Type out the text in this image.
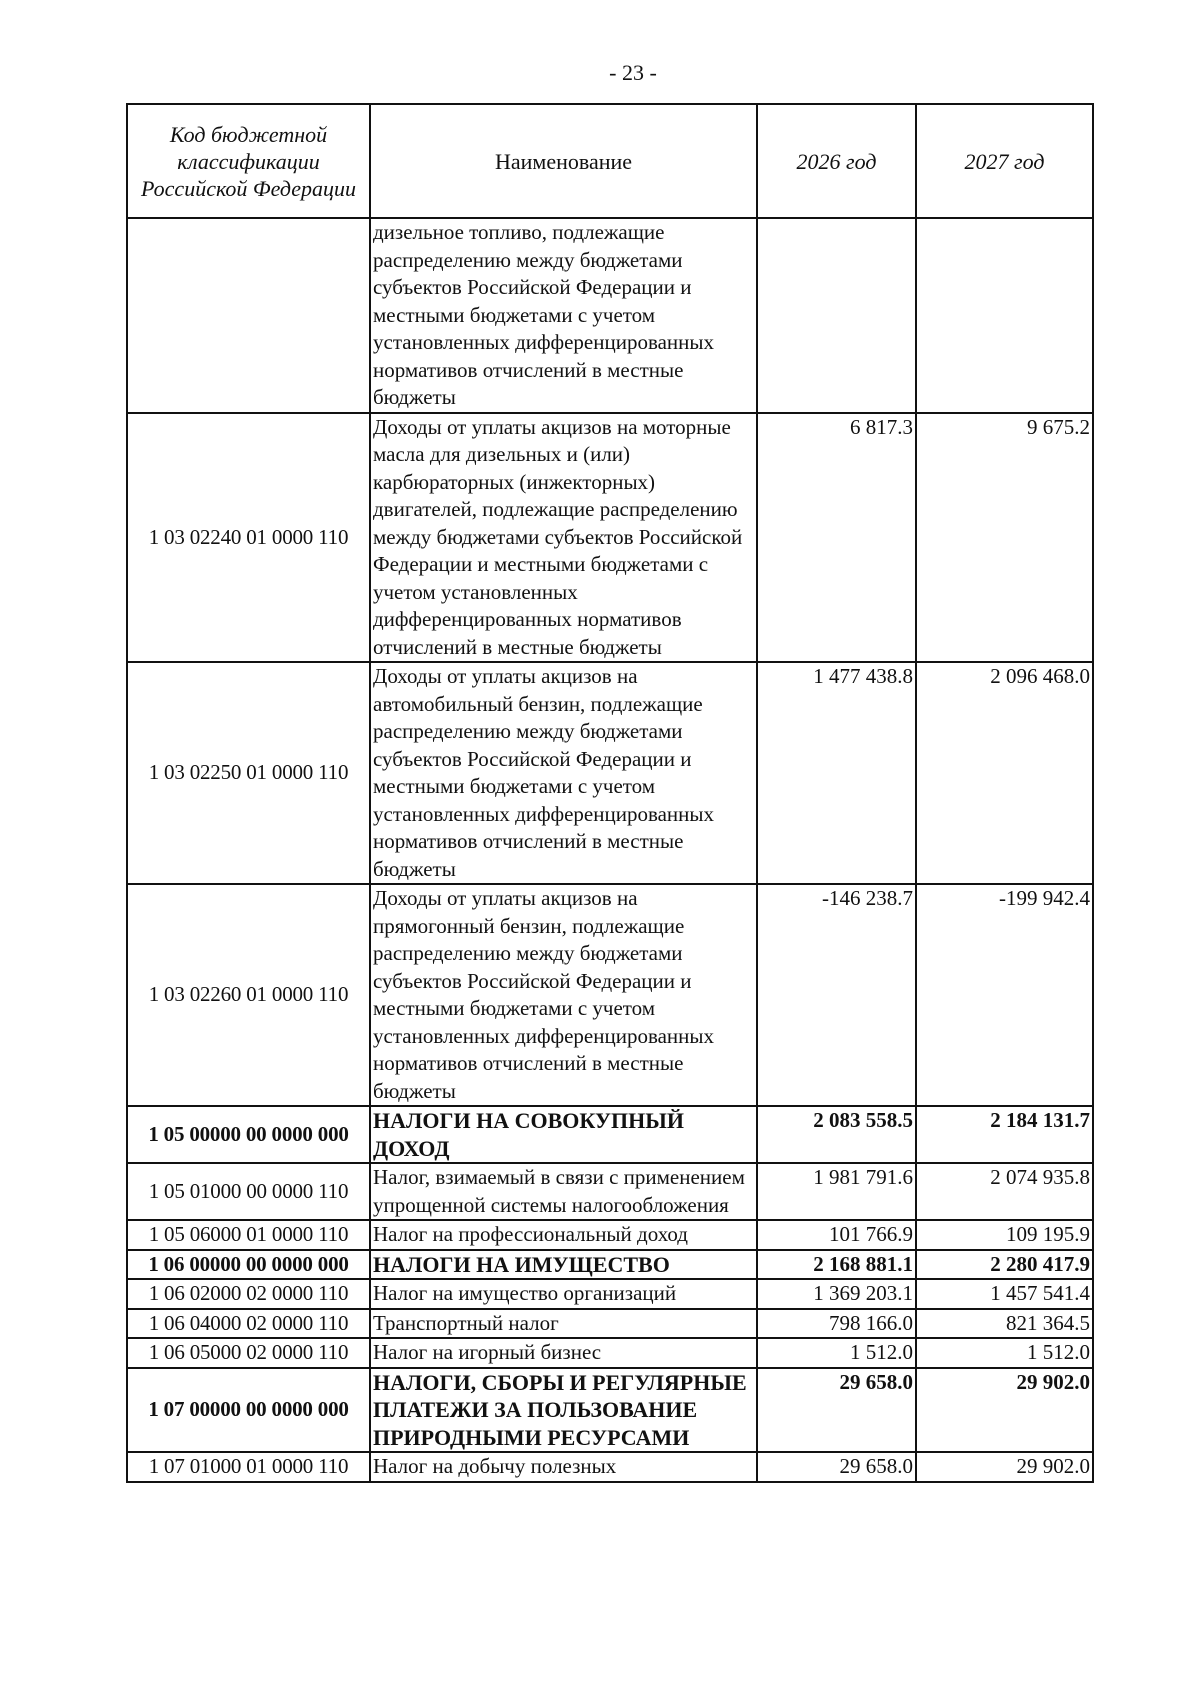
- 23 -
Код бюджетной классификации Российской Федерации	Наименование	2026 год	2027 год
	дизельное топливо, подлежащие распределению между бюджетами субъектов Российской Федерации и местными бюджетами с учетом установленных дифференцированных нормативов отчислений в местные бюджеты		
1 03 02240 01 0000 110	Доходы от уплаты акцизов на моторные масла для дизельных и (или) карбюраторных (инжекторных) двигателей, подлежащие распределению между бюджетами субъектов Российской Федерации и местными бюджетами с учетом установленных дифференцированных нормативов отчислений в местные бюджеты	6 817.3	9 675.2
1 03 02250 01 0000 110	Доходы от уплаты акцизов на автомобильный бензин, подлежащие распределению между бюджетами субъектов Российской Федерации и местными бюджетами с учетом установленных дифференцированных нормативов отчислений в местные бюджеты	1 477 438.8	2 096 468.0
1 03 02260 01 0000 110	Доходы от уплаты акцизов на прямогонный бензин, подлежащие распределению между бюджетами субъектов Российской Федерации и местными бюджетами с учетом установленных дифференцированных нормативов отчислений в местные бюджеты	-146 238.7	-199 942.4
1 05 00000 00 0000 000	НАЛОГИ НА СОВОКУПНЫЙ ДОХОД	2 083 558.5	2 184 131.7
1 05 01000 00 0000 110	Налог, взимаемый в связи с применением упрощенной системы налогообложения	1 981 791.6	2 074 935.8
1 05 06000 01 0000 110	Налог на профессиональный доход	101 766.9	109 195.9
1 06 00000 00 0000 000	НАЛОГИ НА ИМУЩЕСТВО	2 168 881.1	2 280 417.9
1 06 02000 02 0000 110	Налог на имущество организаций	1 369 203.1	1 457 541.4
1 06 04000 02 0000 110	Транспортный налог	798 166.0	821 364.5
1 06 05000 02 0000 110	Налог на игорный бизнес	1 512.0	1 512.0
1 07 00000 00 0000 000	НАЛОГИ, СБОРЫ И РЕГУЛЯРНЫЕ ПЛАТЕЖИ ЗА ПОЛЬЗОВАНИЕ ПРИРОДНЫМИ РЕСУРСАМИ	29 658.0	29 902.0
1 07 01000 01 0000 110	Налог на добычу полезных	29 658.0	29 902.0
